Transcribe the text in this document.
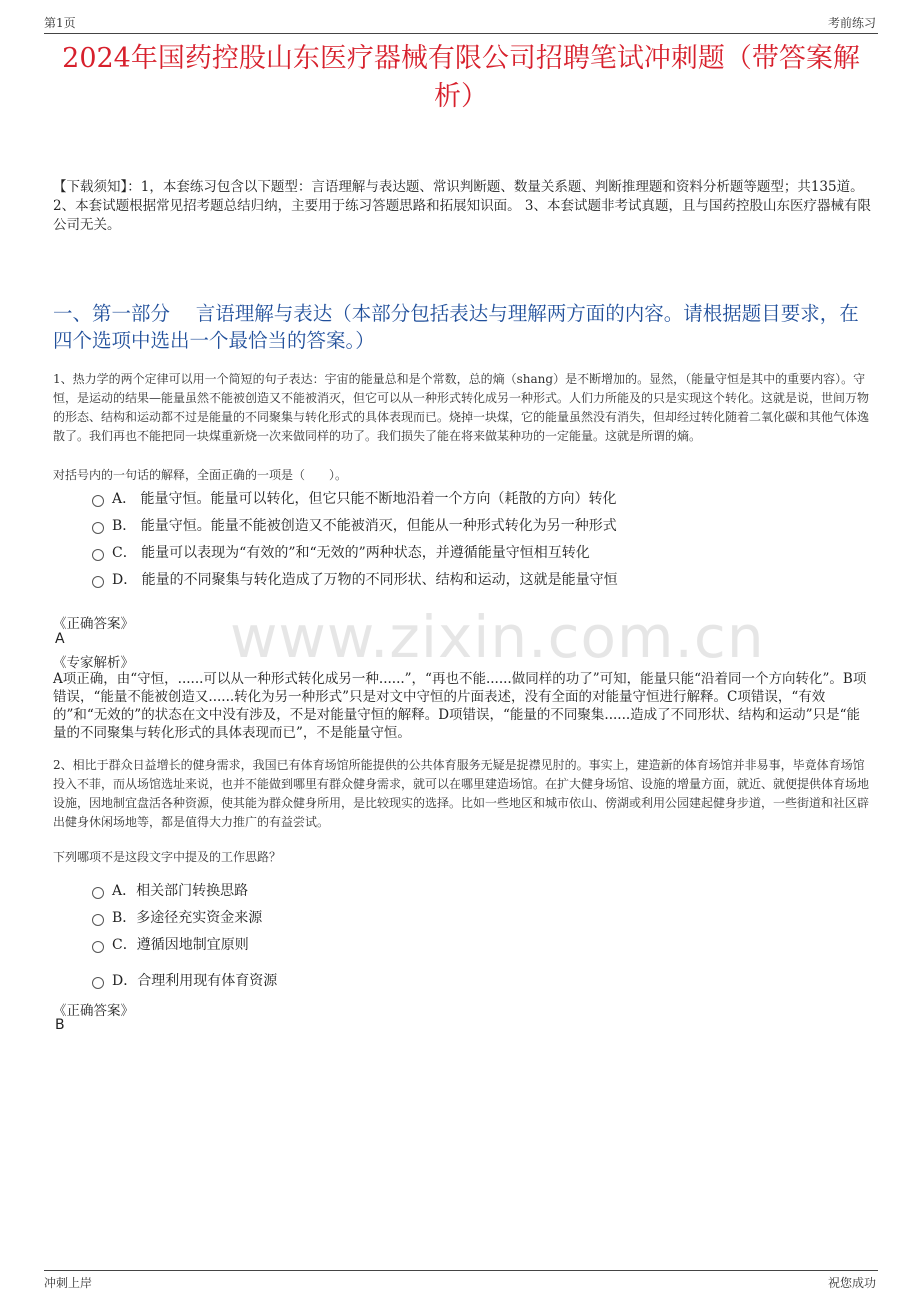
第1页	考前练习
2024年国药控股山东医疗器械有限公司招聘笔试冲刺题（带答案解析）
【下载须知】：1，本套练习包含以下题型：言语理解与表达题、常识判断题、数量关系题、判断推理题和资料分析题等题型；共135道。 2、本套试题根据常见招考题总结归纳，主要用于练习答题思路和拓展知识面。 3、本套试题非考试真题，且与国药控股山东医疗器械有限公司无关。
一、第一部分　 言语理解与表达（本部分包括表达与理解两方面的内容。请根据题目要求，在四个选项中选出一个最恰当的答案。）
www.zixin.com.cn
1、热力学的两个定律可以用一个简短的句子表达：宇宙的能量总和是个常数，总的熵（shang）是不断增加的。显然，（能量守恒是其中的重要内容）。守恒，是运动的结果—能量虽然不能被创造又不能被消灭，但它可以从一种形式转化成另一种形式。人们力所能及的只是实现这个转化。这就是说，世间万物的形态、结构和运动都不过是能量的不同聚集与转化形式的具体表现而已。烧掉一块煤，它的能量虽然没有消失，但却经过转化随着二氧化碳和其他气体逸散了。我们再也不能把同一块煤重新烧一次来做同样的功了。我们损失了能在将来做某种功的一定能量。这就是所谓的熵。
对括号内的一句话的解释，全面正确的一项是（　　）。
A． 能量守恒。能量可以转化，但它只能不断地沿着一个方向（耗散的方向）转化
B． 能量守恒。能量不能被创造又不能被消灭，但能从一种形式转化为另一种形式
C． 能量可以表现为“有效的”和“无效的”两种状态，并遵循能量守恒相互转化
D． 能量的不同聚集与转化造成了万物的不同形状、结构和运动，这就是能量守恒
《正确答案》
A
《专家解析》
A项正确，由“守恒，......可以从一种形式转化成另一种......”，“再也不能......做同样的功了”可知，能量只能“沿着同一个方向转化”。B项错误，“能量不能被创造又......转化为另一种形式”只是对文中守恒的片面表述，没有全面的对能量守恒进行解释。C项错误，“有效的”和“无效的”的状态在文中没有涉及，不是对能量守恒的解释。D项错误，“能量的不同聚集......造成了不同形状、结构和运动”只是“能量的不同聚集与转化形式的具体表现而已”，不是能量守恒。
2、相比于群众日益增长的健身需求，我国已有体育场馆所能提供的公共体育服务无疑是捉襟见肘的。事实上，建造新的体育场馆并非易事，毕竟体育场馆投入不菲，而从场馆选址来说，也并不能做到哪里有群众健身需求，就可以在哪里建造场馆。在扩大健身场馆、设施的增量方面，就近、就便提供体育场地设施，因地制宜盘活各种资源，使其能为群众健身所用，是比较现实的选择。比如一些地区和城市依山、傍湖或利用公园建起健身步道，一些街道和社区辟出健身休闲场地等，都是值得大力推广的有益尝试。
下列哪项不是这段文字中提及的工作思路？
A．相关部门转换思路
B．多途径充实资金来源
C．遵循因地制宜原则
D．合理利用现有体育资源
《正确答案》
B
冲刺上岸	祝您成功
